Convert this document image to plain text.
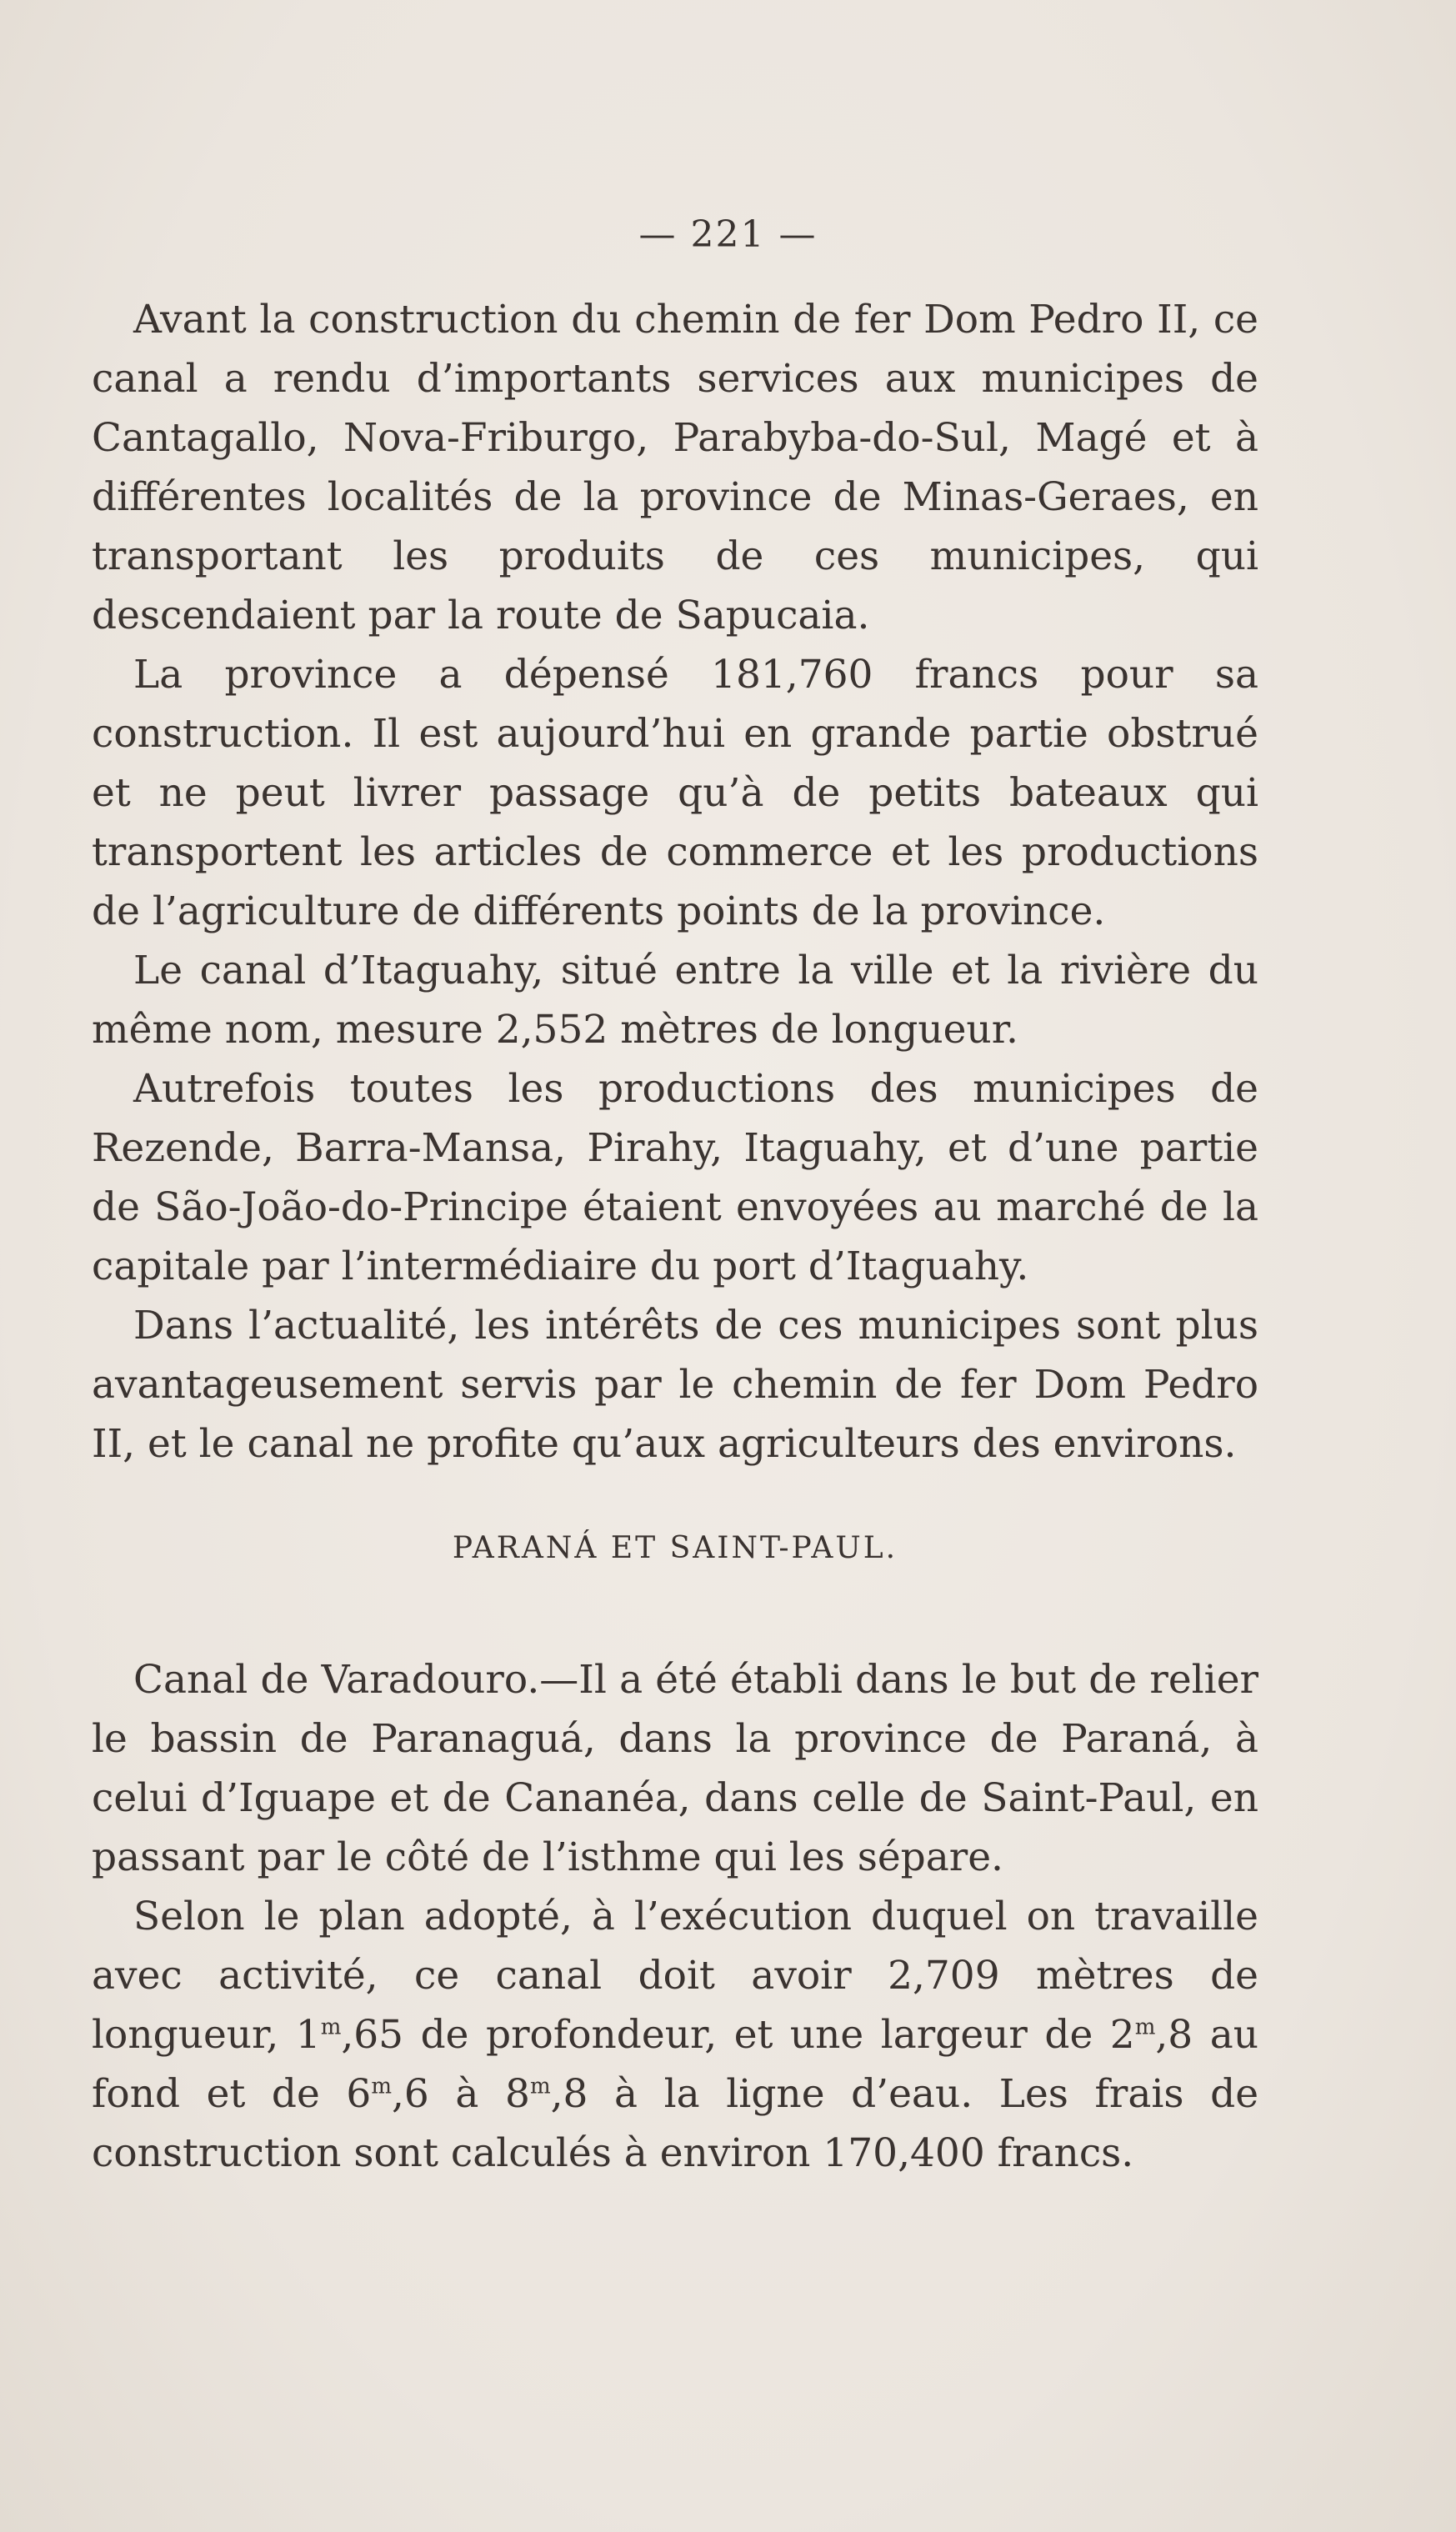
— 221 —

Avant la construction du chemin de fer Dom Pedro II, ce canal a rendu d’importants services aux municipes de Cantagallo, Nova-Friburgo, Parabyba-do-Sul, Magé et à différentes localités de la province de Minas-Geraes, en transportant les produits de ces municipes, qui descendaient par la route de Sapucaia.

La province a dépensé 181,760 francs pour sa construction. Il est aujourd’hui en grande partie obstrué et ne peut livrer passage qu’à de petits bateaux qui transportent les articles de commerce et les productions de l’agriculture de différents points de la province.

Le canal d’Itaguahy, situé entre la ville et la rivière du même nom, mesure 2,552 mètres de longueur.

Autrefois toutes les productions des municipes de Rezende, Barra-Mansa, Pirahy, Itaguahy, et d’une partie de São-João-do-Principe étaient envoyées au marché de la capitale par l’intermédiaire du port d’Itaguahy.

Dans l’actualité, les intérêts de ces municipes sont plus avantageusement servis par le chemin de fer Dom Pedro II, et le canal ne profite qu’aux agriculteurs des environs.

PARANÁ ET SAINT-PAUL.

Canal de Varadouro.—Il a été établi dans le but de relier le bassin de Paranaguá, dans la province de Paraná, à celui d’Iguape et de Cananéa, dans celle de Saint-Paul, en passant par le côté de l’isthme qui les sépare.

Selon le plan adopté, à l’exécution duquel on travaille avec activité, ce canal doit avoir 2,709 mètres de longueur, 1$^m$,65 de profondeur, et une largeur de 2$^m$,8 au fond et de 6$^m$,6 à 8$^m$,8 à la ligne d’eau. Les frais de construction sont calculés à environ 170,400 francs.
